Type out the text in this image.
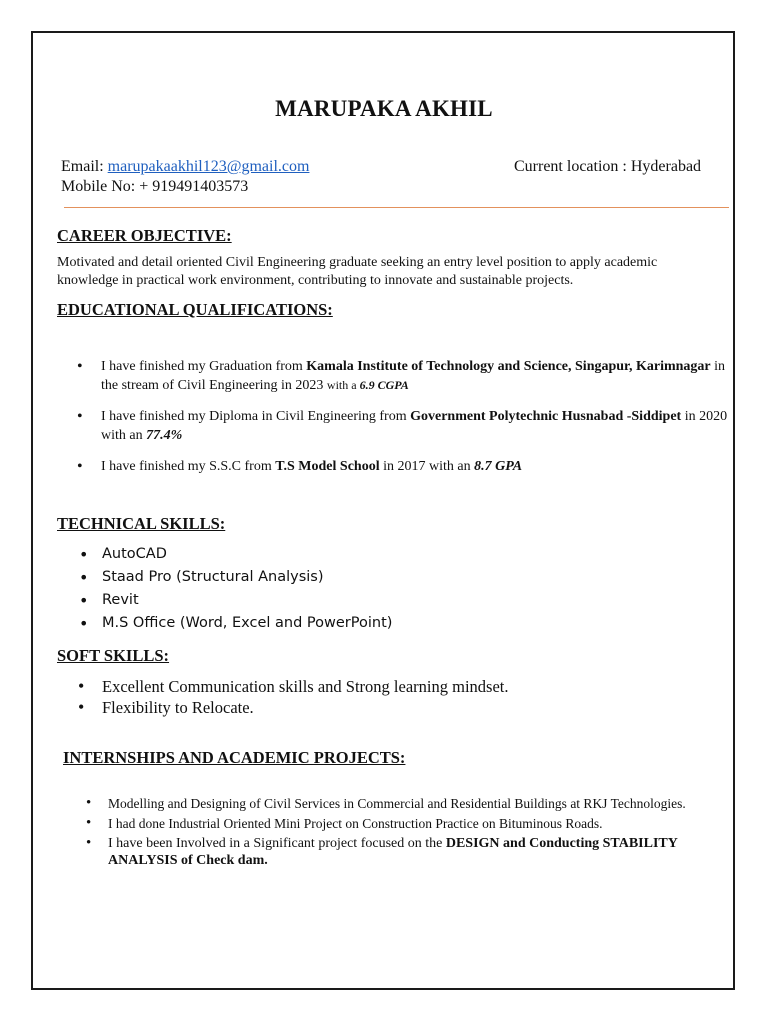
MARUPAKA AKHIL
Email: marupakaakhil123@gmail.com	Current location : Hyderabad
Mobile No: + 919491403573
CAREER OBJECTIVE:
Motivated and detail oriented Civil Engineering graduate seeking an entry level position to apply academic knowledge in practical work environment, contributing to innovate and sustainable projects.
EDUCATIONAL QUALIFICATIONS:
• I have finished my Graduation from Kamala Institute of Technology and Science, Singapur, Karimnagar in the stream of Civil Engineering in 2023 with a 6.9 CGPA
• I have finished my Diploma in Civil Engineering from Government Polytechnic Husnabad -Siddipet in 2020 with an 77.4%
• I have finished my S.S.C from T.S Model School in 2017 with an 8.7 GPA
TECHNICAL SKILLS:
• AutoCAD
• Staad Pro (Structural Analysis)
• Revit
• M.S Office (Word, Excel and PowerPoint)
SOFT SKILLS:
• Excellent Communication skills and Strong learning mindset.
• Flexibility to Relocate.
INTERNSHIPS AND ACADEMIC PROJECTS:
• Modelling and Designing of Civil Services in Commercial and Residential Buildings at RKJ Technologies.
• I had done Industrial Oriented Mini Project on Construction Practice on Bituminous Roads.
• I have been Involved in a Significant project focused on the DESIGN and Conducting STABILITY ANALYSIS of Check dam.
